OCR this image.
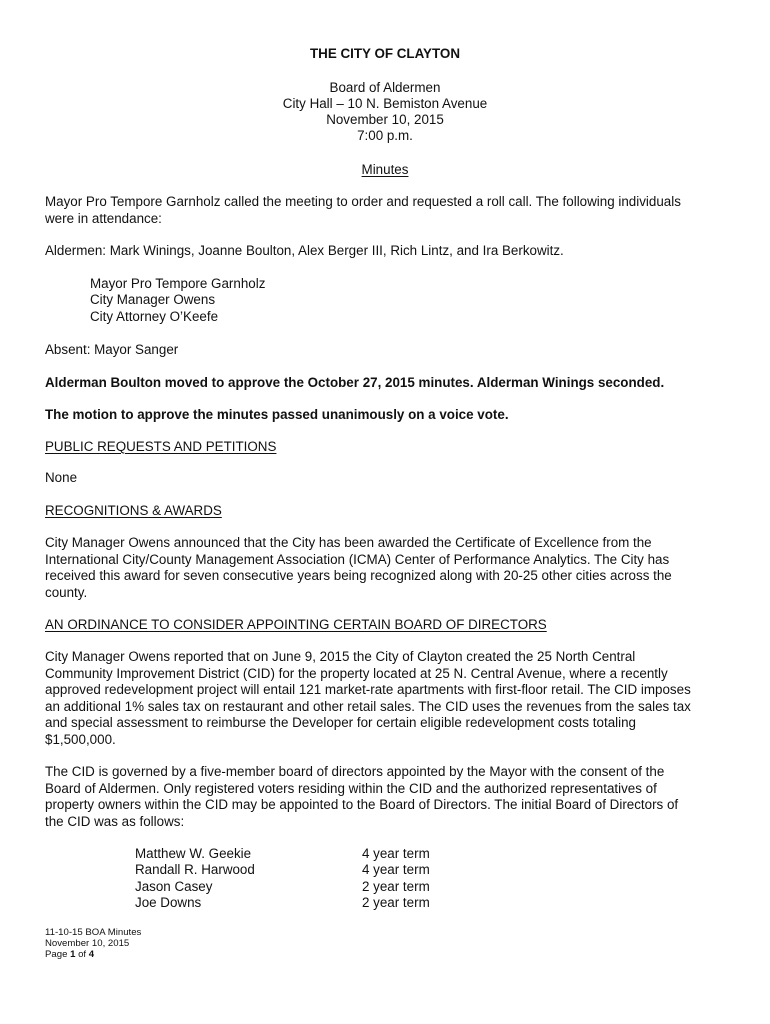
THE CITY OF CLAYTON

Board of Aldermen

City Hall – 10 N. Bemiston Avenue

November 10, 2015

7:00 p.m.

Minutes

Mayor Pro Tempore Garnholz called the meeting to order and requested a roll call. The following individuals
were in attendance:

Aldermen: Mark Winings, Joanne Boulton, Alex Berger III, Rich Lintz, and Ira Berkowitz.

Mayor Pro Tempore Garnholz

City Manager Owens

City Attorney O’Keefe

Absent: Mayor Sanger

Alderman Boulton moved to approve the October 27, 2015 minutes. Alderman Winings seconded.

The motion to approve the minutes passed unanimously on a voice vote.

PUBLIC REQUESTS AND PETITIONS

None

RECOGNITIONS & AWARDS

City Manager Owens announced that the City has been awarded the Certificate of Excellence from the
International City/County Management Association (ICMA) Center of Performance Analytics. The City has
received this award for seven consecutive years being recognized along with 20-25 other cities across the
county.

AN ORDINANCE TO CONSIDER APPOINTING CERTAIN BOARD OF DIRECTORS

City Manager Owens reported that on June 9, 2015 the City of Clayton created the 25 North Central
Community Improvement District (CID) for the property located at 25 N. Central Avenue, where a recently
approved redevelopment project will entail 121 market-rate apartments with first-floor retail. The CID imposes
an additional 1% sales tax on restaurant and other retail sales. The CID uses the revenues from the sales tax
and special assessment to reimburse the Developer for certain eligible redevelopment costs totaling
$1,500,000.
The CID is governed by a five-member board of directors appointed by the Mayor with the consent of the
Board of Aldermen. Only registered voters residing within the CID and the authorized representatives of
property owners within the CID may be appointed to the Board of Directors. The initial Board of Directors of
the CID was as follows:
Matthew W. Geekie	4 year term
Randall R. Harwood	4 year term
Jason Casey	2 year term
Joe Downs	2 year term
11-10-15 BOA Minutes
November 10, 2015
Page 1 of 4
